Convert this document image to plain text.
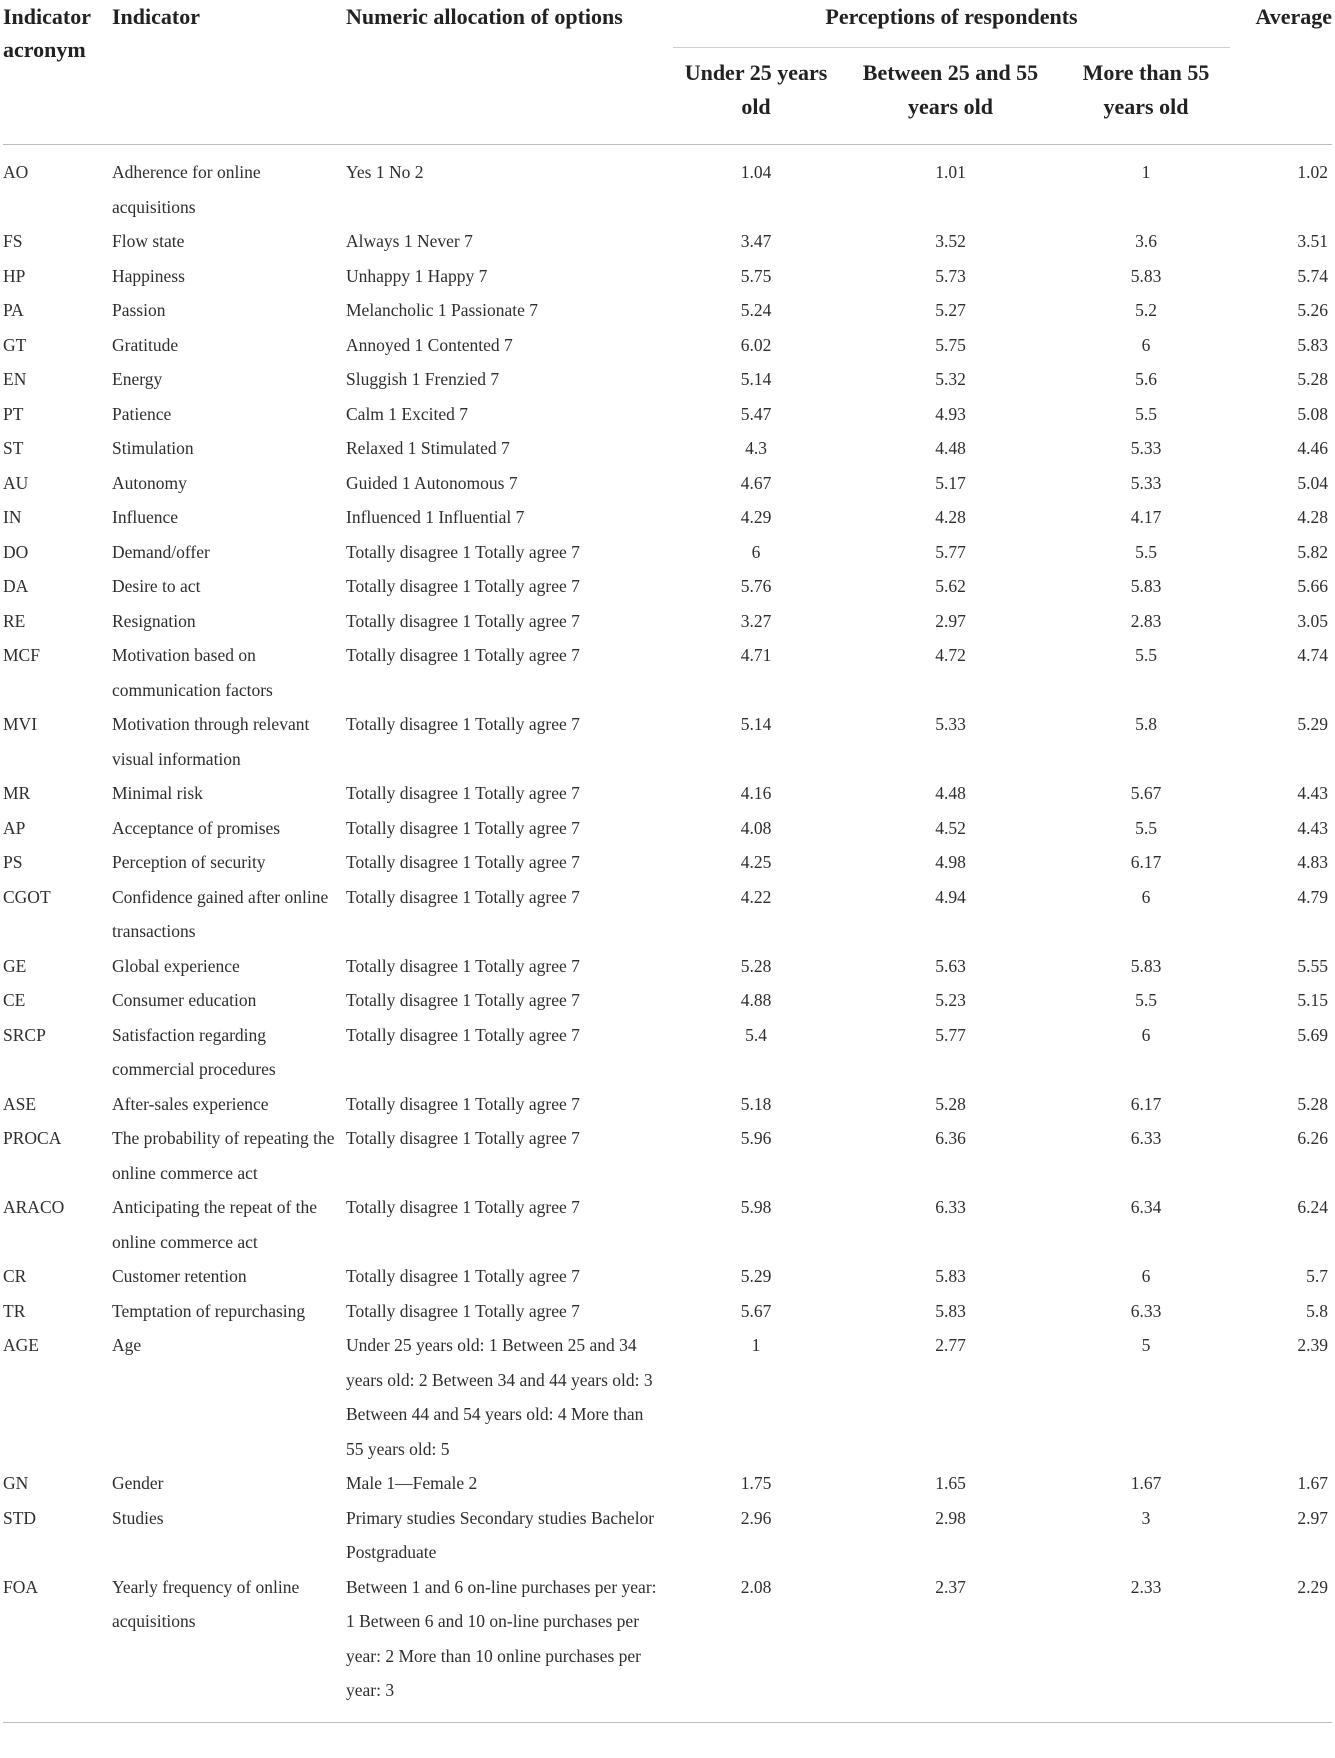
Indicator acronym	Indicator	Numeric allocation of options	Perceptions of respondents			Average
			Under 25 years old	Between 25 and 55 years old	More than 55 years old	
AO	Adherence for online acquisitions	Yes 1 No 2	1.04	1.01	1	1.02
FS	Flow state	Always 1 Never 7	3.47	3.52	3.6	3.51
HP	Happiness	Unhappy 1 Happy 7	5.75	5.73	5.83	5.74
PA	Passion	Melancholic 1 Passionate 7	5.24	5.27	5.2	5.26
GT	Gratitude	Annoyed 1 Contented 7	6.02	5.75	6	5.83
EN	Energy	Sluggish 1 Frenzied 7	5.14	5.32	5.6	5.28
PT	Patience	Calm 1 Excited 7	5.47	4.93	5.5	5.08
ST	Stimulation	Relaxed 1 Stimulated 7	4.3	4.48	5.33	4.46
AU	Autonomy	Guided 1 Autonomous 7	4.67	5.17	5.33	5.04
IN	Influence	Influenced 1 Influential 7	4.29	4.28	4.17	4.28
DO	Demand/offer	Totally disagree 1 Totally agree 7	6	5.77	5.5	5.82
DA	Desire to act	Totally disagree 1 Totally agree 7	5.76	5.62	5.83	5.66
RE	Resignation	Totally disagree 1 Totally agree 7	3.27	2.97	2.83	3.05
MCF	Motivation based on communication factors	Totally disagree 1 Totally agree 7	4.71	4.72	5.5	4.74
MVI	Motivation through relevant visual information	Totally disagree 1 Totally agree 7	5.14	5.33	5.8	5.29
MR	Minimal risk	Totally disagree 1 Totally agree 7	4.16	4.48	5.67	4.43
AP	Acceptance of promises	Totally disagree 1 Totally agree 7	4.08	4.52	5.5	4.43
PS	Perception of security	Totally disagree 1 Totally agree 7	4.25	4.98	6.17	4.83
CGOT	Confidence gained after online transactions	Totally disagree 1 Totally agree 7	4.22	4.94	6	4.79
GE	Global experience	Totally disagree 1 Totally agree 7	5.28	5.63	5.83	5.55
CE	Consumer education	Totally disagree 1 Totally agree 7	4.88	5.23	5.5	5.15
SRCP	Satisfaction regarding commercial procedures	Totally disagree 1 Totally agree 7	5.4	5.77	6	5.69
ASE	After-sales experience	Totally disagree 1 Totally agree 7	5.18	5.28	6.17	5.28
PROCA	The probability of repeating the online commerce act	Totally disagree 1 Totally agree 7	5.96	6.36	6.33	6.26
ARACO	Anticipating the repeat of the online commerce act	Totally disagree 1 Totally agree 7	5.98	6.33	6.34	6.24
CR	Customer retention	Totally disagree 1 Totally agree 7	5.29	5.83	6	5.7
TR	Temptation of repurchasing	Totally disagree 1 Totally agree 7	5.67	5.83	6.33	5.8
AGE	Age	Under 25 years old: 1 Between 25 and 34 years old: 2 Between 34 and 44 years old: 3 Between 44 and 54 years old: 4 More than 55 years old: 5	1	2.77	5	2.39
GN	Gender	Male 1—Female 2	1.75	1.65	1.67	1.67
STD	Studies	Primary studies Secondary studies Bachelor Postgraduate	2.96	2.98	3	2.97
FOA	Yearly frequency of online acquisitions	Between 1 and 6 on-line purchases per year: 1 Between 6 and 10 on-line purchases per year: 2 More than 10 online purchases per year: 3	2.08	2.37	2.33	2.29
